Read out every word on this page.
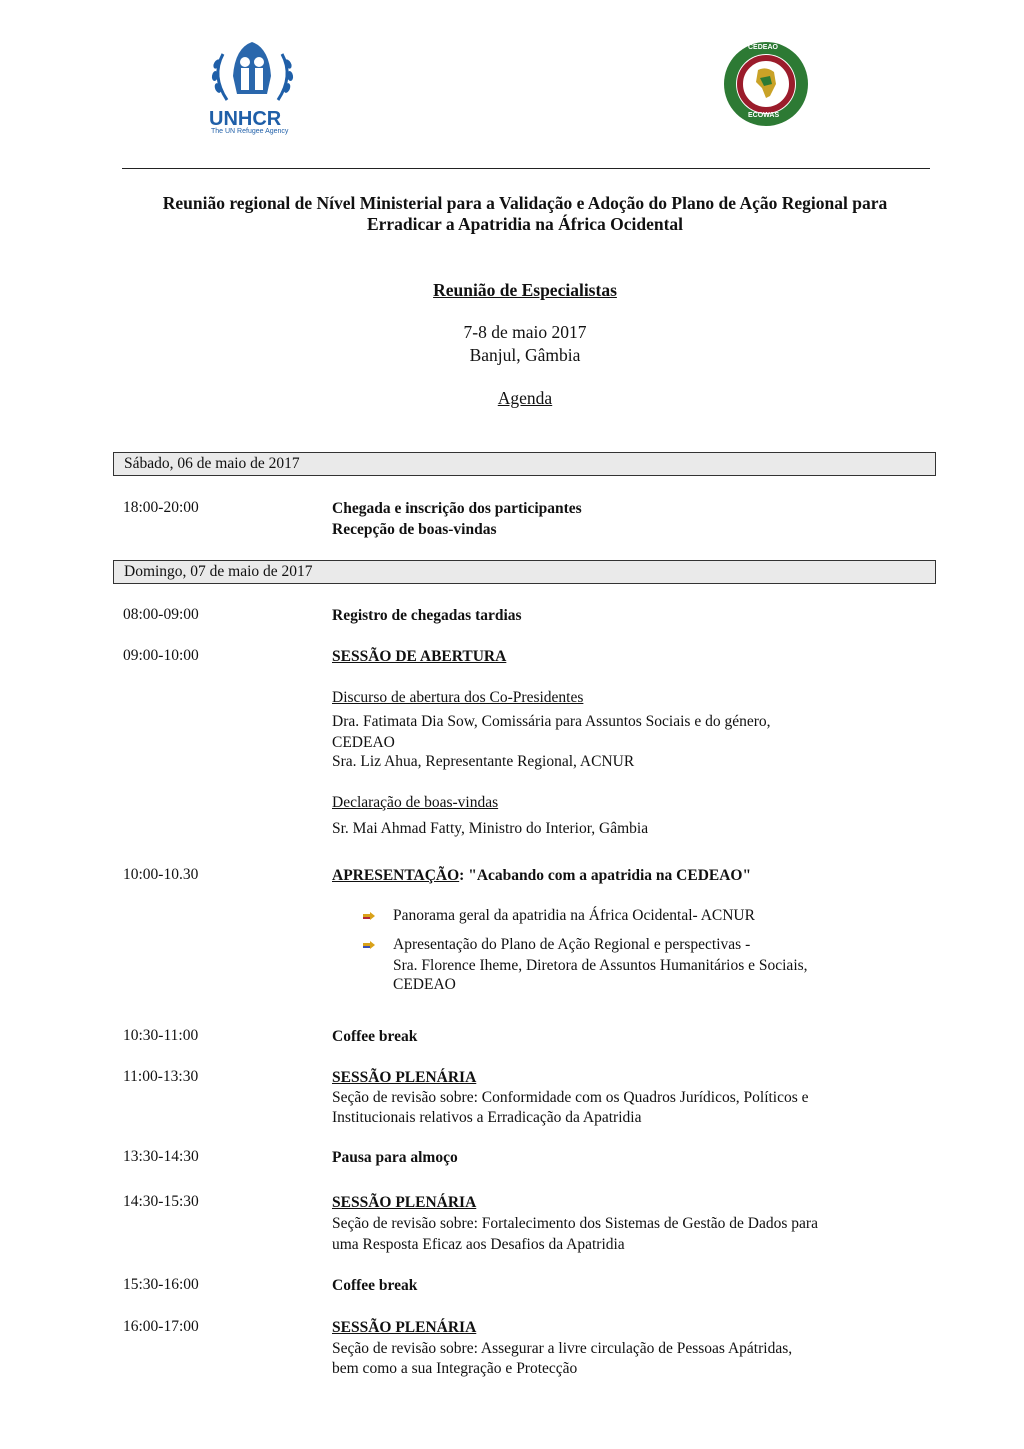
UNHCR
The UN Refugee Agency
CEDEAO
ECOWAS
Reunião regional de Nível Ministerial para a Validação e Adoção do Plano de Ação Regional para
Erradicar a Apatridia na África Ocidental
Reunião de Especialistas
7-8 de maio 2017
Banjul, Gâmbia
Agenda
Sábado, 06 de maio de 2017
18:00-20:00	Chegada e inscrição dos participantes
Recepção de boas-vindas
Domingo, 07 de maio de 2017
08:00-09:00	Registro de chegadas tardias
09:00-10:00	SESSÃO DE ABERTURA
Discurso de abertura dos Co-Presidentes
Dra. Fatimata Dia Sow, Comissária para Assuntos Sociais e do género,
CEDEAO
Sra. Liz Ahua, Representante Regional, ACNUR
Declaração de boas-vindas
Sr. Mai Ahmad Fatty, Ministro do Interior, Gâmbia
10:00-10.30	APRESENTAÇÃO: "Acabando com a apatridia na CEDEAO"
Panorama geral da apatridia na África Ocidental- ACNUR
Apresentação do Plano de Ação Regional e perspectivas -
Sra. Florence Iheme, Diretora de Assuntos Humanitários e Sociais,
CEDEAO
10:30-11:00	Coffee break
11:00-13:30	SESSÃO PLENÁRIA
Seção de revisão sobre: Conformidade com os Quadros Jurídicos, Políticos e
Institucionais relativos a Erradicação da Apatridia
13:30-14:30	Pausa para almoço
14:30-15:30	SESSÃO PLENÁRIA
Seção de revisão sobre: Fortalecimento dos Sistemas de Gestão de Dados para
uma Resposta Eficaz aos Desafios da Apatridia
15:30-16:00	Coffee break
16:00-17:00	SESSÃO PLENÁRIA
Seção de revisão sobre: Assegurar a livre circulação de Pessoas Apátridas,
bem como a sua Integração e Protecção
